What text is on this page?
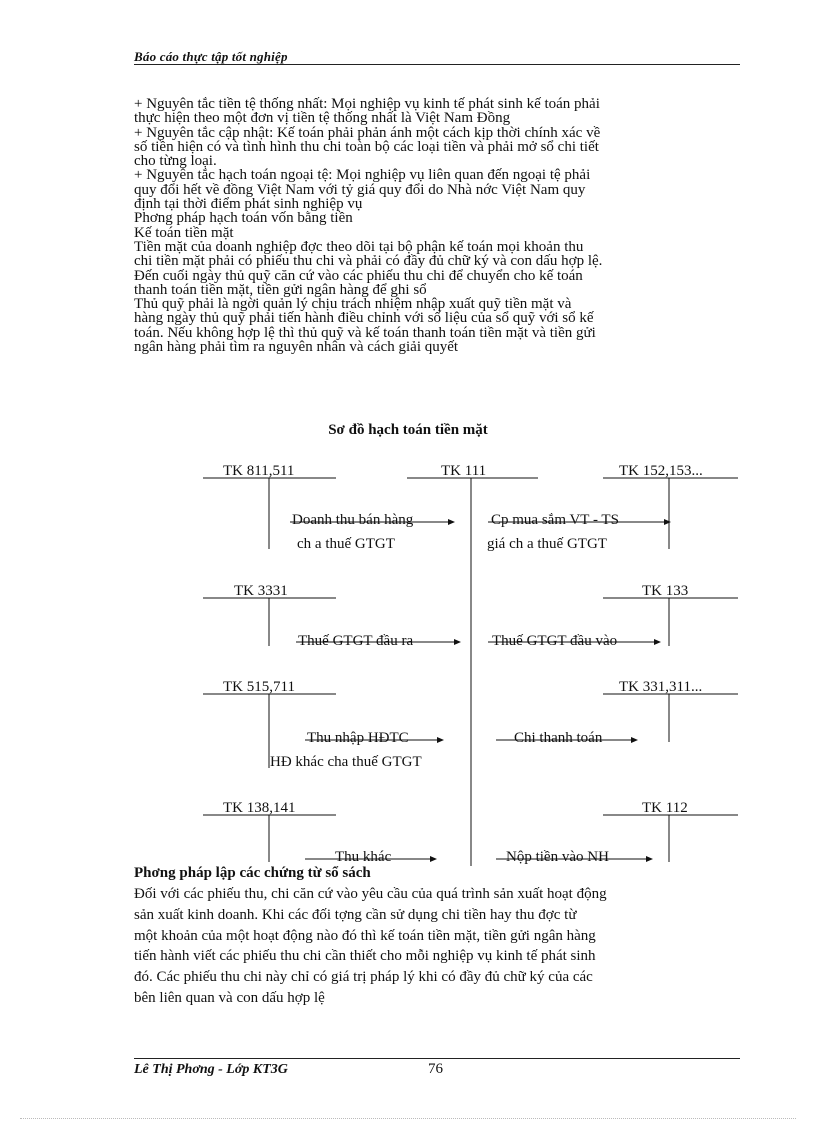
Báo cáo thực tập tốt nghiệp
+ Nguyên tắc tiền tệ thống nhất: Mọi nghiệp vụ kinh tế phát sinh kế toán phải
thực hiện theo một đơn vị tiền tệ thống nhất là Việt Nam Đồng
+ Nguyên tắc cập nhật: Kế toán phải phản ánh một cách kịp thời chính xác về
số tiền hiện có và tình hình thu chi toàn bộ các loại tiền và phải mở sổ chi tiết
cho từng loại.
+ Nguyên tắc hạch toán ngoại tệ: Mọi nghiệp vụ liên quan đến ngoại tệ phải
quy đổi hết về đồng Việt Nam với tỷ giá quy đổi do Nhà nớc Việt Nam quy
định tại thời điểm phát sinh nghiệp vụ
Phơng pháp hạch toán vốn bằng tiền
Kế toán tiền mặt
Tiền mặt của doanh nghiệp đợc theo dõi tại bộ phận kế toán mọi khoản thu
chi tiền mặt phải có phiếu thu chi và phải có đầy đủ chữ ký và con dấu hợp lệ.
Đến cuối ngày thủ quỹ căn cứ vào các phiếu thu chi để chuyển cho kế toán
thanh toán tiền mặt, tiền gửi ngân hàng để ghi sổ
Thủ quỹ phải là ngời quản lý chịu trách nhiệm nhập xuất quỹ tiền mặt và
hàng ngày thủ quỹ phải tiến hành điều chỉnh với số liệu của sổ quỹ với sổ kế
toán. Nếu không hợp lệ thì thủ quỹ và kế toán thanh toán tiền mặt và tiền gửi
ngân hàng phải tìm ra nguyên nhân và cách giải quyết
Sơ đồ hạch toán tiền mặt
TK 811,511	TK 111	TK 152,153...
TK 3331	TK 133
TK 515,711	TK 331,311...
TK 138,141	TK 112
Doanh thu bán hàng
ch a thuế GTGT
Cp mua sắm VT - TS
giá ch a thuế GTGT
Thuế GTGT đầu ra	Thuế GTGT đầu vào
Thu nhập HĐTC
HĐ khác cha thuế GTGT
Chi thanh toán
Thu khác	Nộp tiền vào NH
Phơng pháp lập các chứng từ sổ sách
Đối với các phiếu thu, chi căn cứ vào yêu cầu của quá trình sản xuất hoạt động
sản xuất kinh doanh. Khi các đối tợng cần sử dụng chi tiền hay thu đợc từ
một khoản của một hoạt động nào đó thì kế toán tiền mặt, tiền gửi ngân hàng
tiến hành viết các phiếu thu chi cần thiết cho mỗi nghiệp vụ kinh tế phát sinh
đó. Các phiếu thu chi này chỉ có giá trị pháp lý khi có đầy đủ chữ ký của các
bên liên quan và con dấu hợp lệ
Lê Thị Phơng - Lớp KT3G	76
